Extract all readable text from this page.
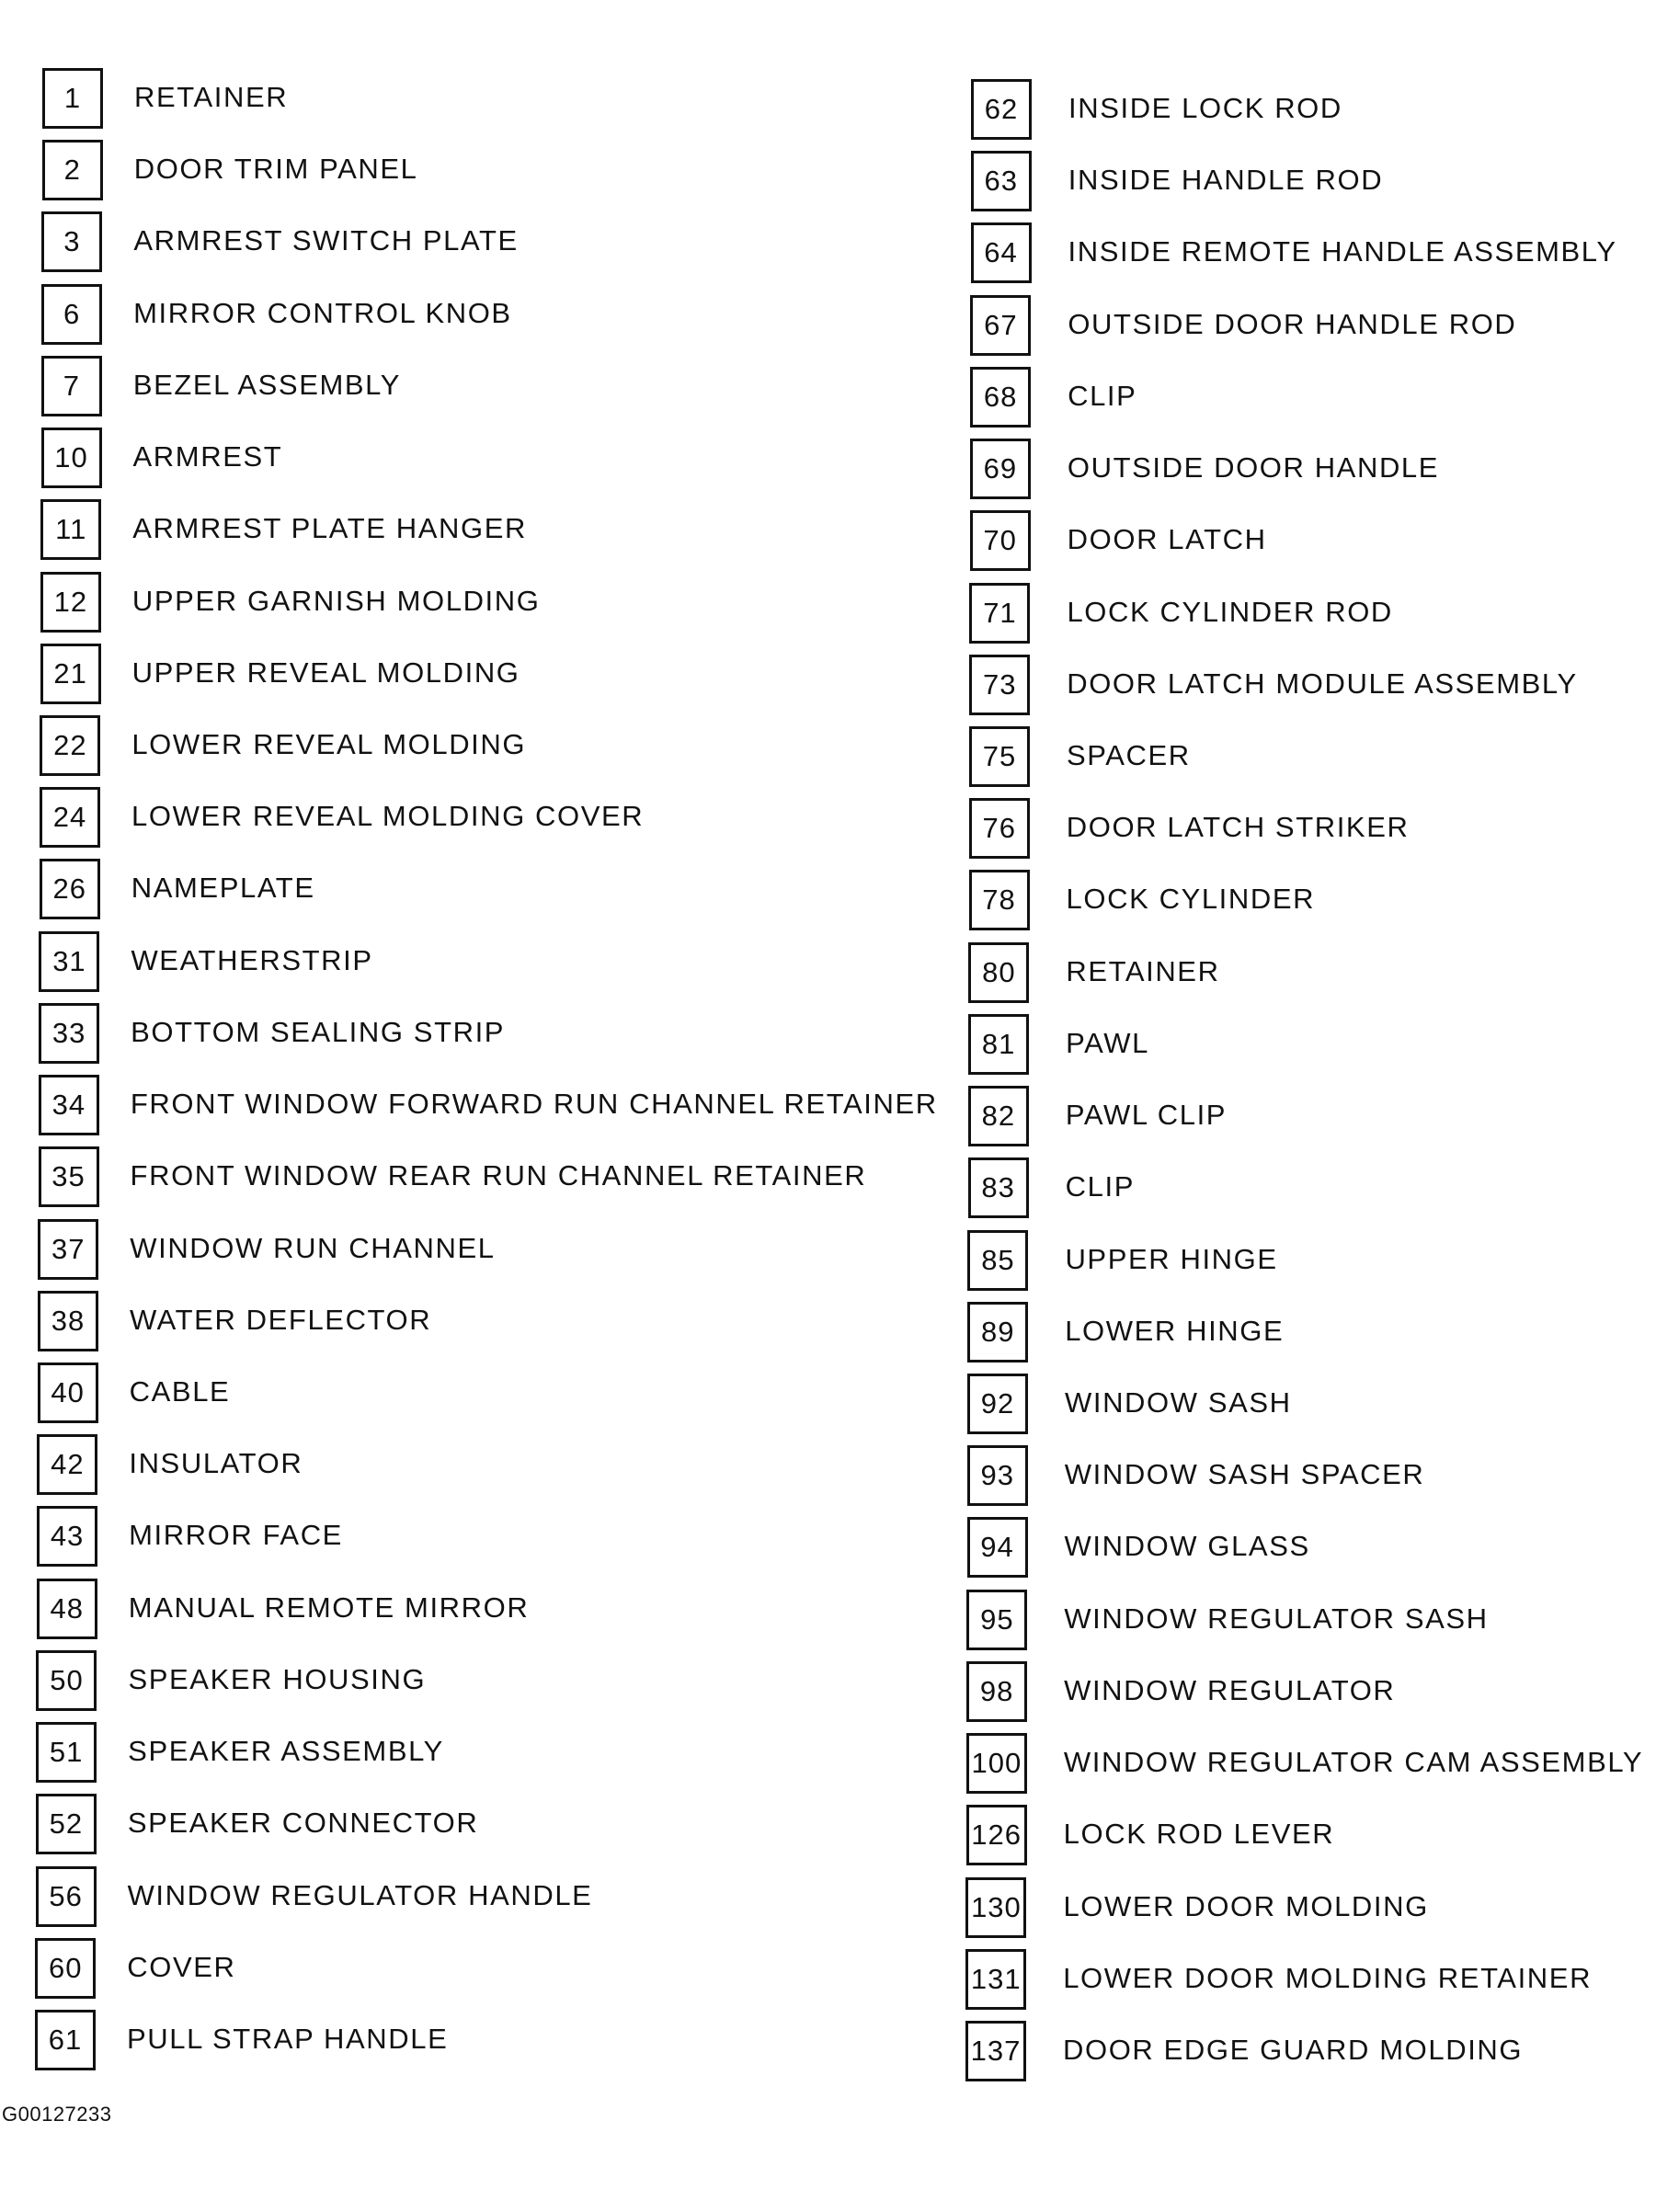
1	RETAINER
2	DOOR TRIM PANEL
3	ARMREST SWITCH PLATE
6	MIRROR CONTROL KNOB
7	BEZEL ASSEMBLY
10	ARMREST
11	ARMREST PLATE HANGER
12	UPPER GARNISH MOLDING
21	UPPER REVEAL MOLDING
22	LOWER REVEAL MOLDING
24	LOWER REVEAL MOLDING COVER
26	NAMEPLATE
31	WEATHERSTRIP
33	BOTTOM SEALING STRIP
34	FRONT WINDOW FORWARD RUN CHANNEL RETAINER
35	FRONT WINDOW REAR RUN CHANNEL RETAINER
37	WINDOW RUN CHANNEL
38	WATER DEFLECTOR
40	CABLE
42	INSULATOR
43	MIRROR FACE
48	MANUAL REMOTE MIRROR
50	SPEAKER HOUSING
51	SPEAKER ASSEMBLY
52	SPEAKER CONNECTOR
56	WINDOW REGULATOR HANDLE
60	COVER
61	PULL STRAP HANDLE
62	INSIDE LOCK ROD
63	INSIDE HANDLE ROD
64	INSIDE REMOTE HANDLE ASSEMBLY
67	OUTSIDE DOOR HANDLE ROD
68	CLIP
69	OUTSIDE DOOR HANDLE
70	DOOR LATCH
71	LOCK CYLINDER ROD
73	DOOR LATCH MODULE ASSEMBLY
75	SPACER
76	DOOR LATCH STRIKER
78	LOCK CYLINDER
80	RETAINER
81	PAWL
82	PAWL CLIP
83	CLIP
85	UPPER HINGE
89	LOWER HINGE
92	WINDOW SASH
93	WINDOW SASH SPACER
94	WINDOW GLASS
95	WINDOW REGULATOR SASH
98	WINDOW REGULATOR
100 WINDOW REGULATOR CAM ASSEMBLY
126 LOCK ROD LEVER
130 LOWER DOOR MOLDING
131 LOWER DOOR MOLDING RETAINER
137 DOOR EDGE GUARD MOLDING
G00127233
